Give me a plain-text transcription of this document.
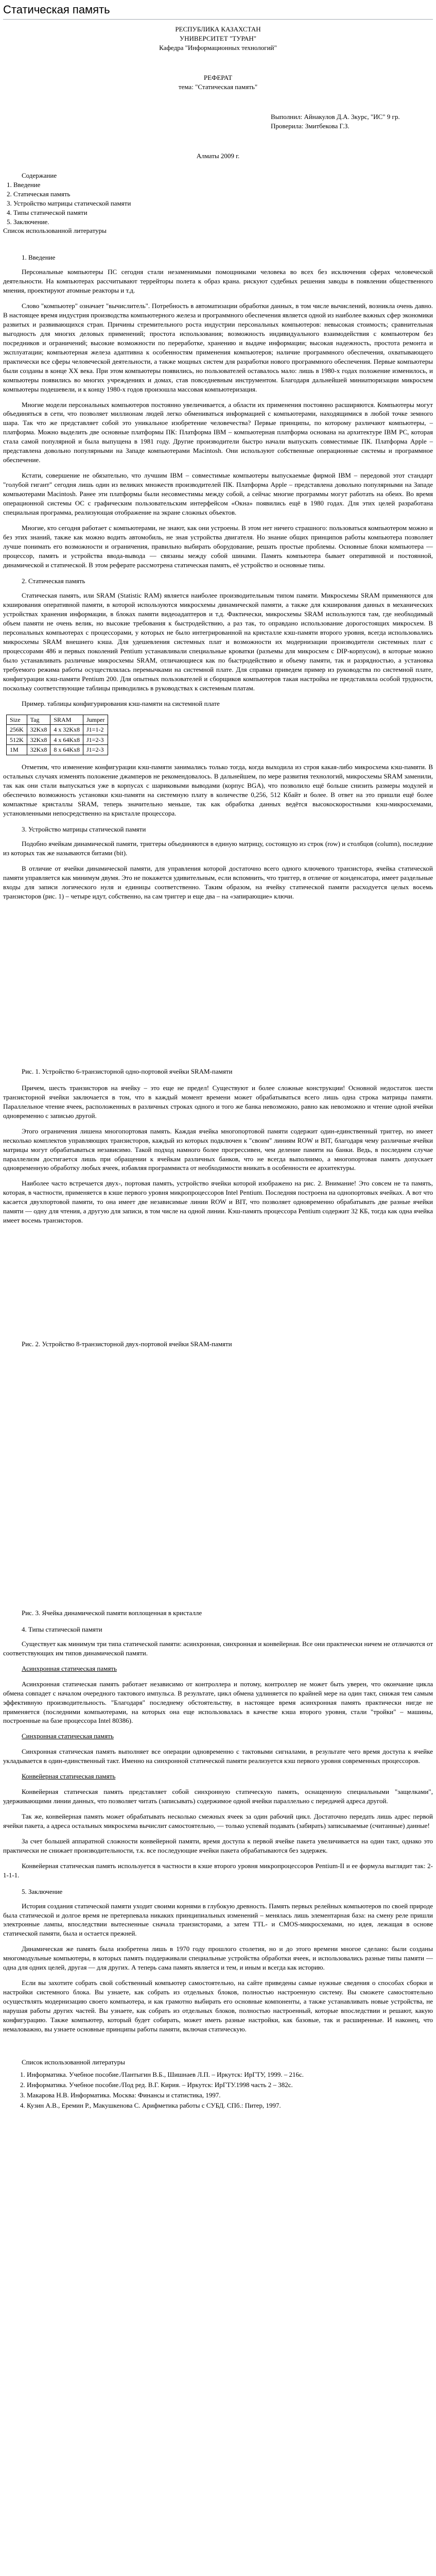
Статическая память
РЕСПУБЛИКА КАЗАХСТАН
УНИВЕРСИТЕТ "ТУРАН"
Кафедра "Информационных технологий"
РЕФЕРАТ
тема: "Статическая память"
Выполнил: Айнакулов Д.А. 3курс, "ИС" 9 гр.
Проверила: Змитбекова Г.З.
Алматы 2009 г.

Содержание

1. Введение
2. Статическая память
3. Устройство матрицы статической памяти
4. Типы статической памяти
5. Заключение.
Список использованной литературы

1. Введение

Персональные компьютеры ПС сегодня стали незаменимыми помощниками человека во всех без исключения сферах человеческой деятельности. На компьютерах рассчитывают террейторы полета к образ крана. рискуют судебных решения заводы в появлении общественного мнения, проектируют атомные реакторы и т.д.

Слово "компьютер" означает "вычислитель". Потребность в автоматизации обработки данных, в том числе вычислений, возникла очень давно. В настоящее время индустрия производства компьютерного железа и программного обеспечения является одной из наиболее важных сфер экономики развитых и развивающихся стран. Причины стремительного роста индустрии персональных компьютеров: невысокая стоимость; сравнительная выгодность для многих деловых применений; простота использования; возможность индивидуального взаимодействия с компьютером без посредников и ограничений; высокие возможности по переработке, хранению и выдаче информации; высокая надежность, простота ремонта и эксплуатации; компьютерная железа адаптивна к особенностям применения компьютеров; наличие программного обеспечения, охватывающего практически все сферы человеческой деятельности, а также мощных систем для разработки нового программного обеспечения. Первые компьютеры были созданы в конце ХХ века. При этом компьютеры появились, но пользователей оставалось мало: лишь в 1980-х годах положение изменилось, и компьютеры появились во многих учреждениях и домах, став повседневным инструментом. Благодаря дальнейшей миниатюризации микросхем компьютеры подешевели, и к концу 1980-х годов произошла массовая компьютеризация.

Многие модели персональных компьютеров постоянно увеличивается, а области их применения постоянно расширяются. Компьютеры могут объединяться в сети, что позволяет миллионам людей легко обмениваться информацией с компьютерами, находящимися в любой точке земного шара. Так что же представляет собой это уникальное изобретение человечества? Первые принципы, по которому различают компьютеры, – платформа. Можно выделить две основные платформы ПК: Платформа IBM – компьютерная платформа основана на архитектуре IBM PC, которая стала самой популярной и была выпущена в 1981 году. Другие производители быстро начали выпускать совместимые ПК. Платформа Apple – представлена довольно популярными на Западе компьютерами Macintosh. Они используют собственные операционные системы и программное обеспечение.

Кстати, совершение не обязательно, что лучшим IBM – совместимые компьютеры выпускаемые фирмой IBM – передовой этот стандарт "голубой гигант" сегодня лишь один из великих множеств производителей ПК. Платформа Apple – представлена довольно популярными на Западе компьютерами Macintosh. Ранее эти платформы были несовместимы между собой, а сейчас многие программы могут работать на обеих. Во время операционной системы ОС с графическим пользовательским интерфейсом «Окна» появились ещё в 1980 годах. Для этих целей разработана специальная программа, реализующая отображение на экране сложных объектов.

Многие, кто сегодня работает с компьютерами, не знают, как они устроены. В этом нет ничего страшного: пользоваться компьютером можно и без этих знаний, также как можно водить автомобиль, не зная устройства двигателя. Но знание общих принципов работы компьютера позволяет лучше понимать его возможности и ограничения, правильно выбирать оборудование, решать простые проблемы. Основные блоки компьютера — процессор, память и устройства ввода-вывода — связаны между собой шинами. Память компьютера бывает оперативной и постоянной, динамической и статической. В этом реферате рассмотрена статическая память, её устройство и основные типы.

2. Статическая память

Статическая память, или SRAM (Statistic RAM) является наиболее производительным типом памяти. Микросхемы SRAM применяются для кэширования оперативной памяти, в которой используются микросхемы динамической памяти, а также для кэширования данных в механических устройствах хранения информации, в блоках памяти видеоадаптеров и т.д. Фактически, микросхемы SRAM используются там, где необходимый объем памяти не очень велик, но высокие требования к быстродействию, а раз так, то оправдано использование дорогостоящих микросхем. В персональных компьютерах с процессорами, у которых не было интегрированной на кристалле кэш-памяти второго уровня, всегда использовались микросхемы SRAM внешнего кэша. Для удешевления системных плат и возможности их модернизации производители системных плат с процессорами 486 и первых поколений Pentium устанавливали специальные кроватки (разъемы для микросхем с DIP-корпусом), в которые можно было устанавливать различные микросхемы SRAM, отличающиеся как по быстродействию и объему памяти, так и разрядностью, а установка требуемого режима работы осуществлялась перемычками на системной плате. Для справки приведем пример из руководства по системной плате, конфигурации кэш-памяти Pentium 200. Для опытных пользователей и сборщиков компьютеров такая настройка не представляла особой трудности, поскольку соответствующие таблицы приводились в руководствах к системным платам.

Пример. таблицы конфигурирования кэш-памяти на системной плате

Size	Tag	SRAM	Jumper
256K	32Kx8	4 x 32Kx8	J1=1-2
512K	32Kx8	4 x 64Kx8	J1=2-3
1M	32Kx8	8 x 64Kx8	J1=2-3

Отметим, что изменение конфигурации кэш-памяти занимались только тогда, когда выходила из строя какая-либо микросхема кэш-памяти. В остальных случаях изменять положение джамперов не рекомендовалось. В дальнейшем, по мере развития технологий, микросхемы SRAM заменили, так как они стали выпускаться уже в корпусах с шариковыми выводами (корпус BGA), что позволило ещё больше снизить размеры модулей и обеспечило возможность установки кэш-памяти на системную плату в количестве 0,256, 512 Кбайт и более. В ответ на это пришли ещё более компактные кристаллы SRAM, теперь значительно меньше, так как обработка данных ведётся высокоскоростными кэш-микросхемами, установленными непосредственно на кристалле процессора.

3. Устройство матрицы статической памяти

Подобно ячейкам динамической памяти, триггеры объединяются в единую матрицу, состоящую из строк (row) и столбцов (column), последние из которых так же называются битами (bit).

В отличие от ячейки динамической памяти, для управления которой достаточно всего одного ключевого транзистора, ячейка статической памяти управляется как минимум двумя. Это не покажется удивительным, если вспомнить, что триггер, в отличие от конденсатора, имеет раздельные входы для записи логического нуля и единицы соответственно. Таким образом, на ячейку статической памяти расходуется целых восемь транзисторов (рис. 1) – четыре идут, собственно, на сам триггер и еще два – на «запирающие» ключи.

Рис. 1. Устройство 6-транзисторной одно-портовой ячейки SRAM-памяти

Причем, шесть транзисторов на ячейку – это еще не предел! Существуют и более сложные конструкции! Основной недостаток шести транзисторной ячейки заключается в том, что в каждый момент времени может обрабатываться всего лишь одна строка матрицы памяти. Параллельное чтение ячеек, расположенных в различных строках одного и того же банка невозможно, равно как невозможно и чтение одной ячейки одновременно с записью другой.

Этого ограничения лишена многопортовая память. Каждая ячейка многопортовой памяти содержит один-единственный триггер, но имеет несколько комплектов управляющих транзисторов, каждый из которых подключен к "своим" линиям ROW и BIT, благодаря чему различные ячейки матрицы могут обрабатываться независимо. Такой подход намного более прогрессивен, чем деление памяти на банки. Ведь, в последнем случае параллелизм достигается лишь при обращении к ячейкам различных банков, что не всегда выполнимо, а многопортовая память допускает одновременную обработку любых ячеек, избавляя программиста от необходимости вникать в особенности ее архитектуры.

Наиболее часто встречается двух-, портовая память, устройство ячейки которой изображено на рис. 2. Внимание! Это совсем не та память, которая, в частности, применяется в кэше первого уровня микропроцессоров Intel Pentium. Последняя построена на однопортовых ячейках. А вот что касается двухпортовой памяти, то она имеет две независимые линии ROW и BIT, что позволяет одновременно обрабатывать две разные ячейки памяти — одну для чтения, а другую для записи, в том числе на одной линии. Кэш-память процессора Pentium содержит 32 КБ, тогда как одна ячейка имеет восемь транзисторов.

Рис. 2. Устройство 8-транзисторной двух-портовой ячейки SRAM-памяти

Рис. 3. Ячейка динамической памяти воплощенная в кристалле

4. Типы статической памяти

Существует как минимум три типа статической памяти: асинхронная, синхронная и конвейерная. Все они практически ничем не отличаются от соответствующих им типов динамической памяти.

Асинхронная статическая память

Асинхронная статическая память работает независимо от контроллера и потому, контроллер не может быть уверен, что окончание цикла обмена совпадет с началом очередного тактового импульса. В результате, цикл обмена удлиняется по крайней мере на один такт, снижая тем самым эффективную производительность. "Благодаря" последнему обстоятельству, в настоящее время асинхронная память практически нигде не применяется (последними компьютерами, на которых она еще использовалась в качестве кэша второго уровня, стали "тройки" – машины, построенные на базе процессора Intel 80386).

Синхронная статическая память

Синхронная статическая память выполняет все операции одновременно с тактовыми сигналами, в результате чего время доступа к ячейке укладывается в один-единственный такт. Именно на синхронной статической памяти реализуется кэш первого уровня современных процессоров.

Конвейерная статическая память

Конвейерная статическая память представляет собой синхронную статическую память, оснащенную специальными "защелками", удерживающими линии данных, что позволяет читать (записывать) содержимое одной ячейки параллельно с передачей адреса другой.

Так же, конвейерная память может обрабатывать несколько смежных ячеек за один рабочий цикл. Достаточно передать лишь адрес первой ячейки пакета, а адреса остальных микросхема вычислит самостоятельно, — только успевай подавать (забирать) записываемые (считанные) данные!

За счет большей аппаратной сложности конвейерной памяти, время доступа к первой ячейке пакета увеличивается на один такт, однако это практически не снижает производительности, т.к. все последующие ячейки пакета обрабатываются без задержек.

Конвейерная статическая память используется в частности в кэше второго уровня микропроцессоров Pentium-II и ее формула выглядит так: 2-1-1-1.

5. Заключение

История создания статической памяти уходит своими корнями в глубокую древность. Память первых релейных компьютеров по своей природе была статической и долгое время не претерпевала никаких принципиальных изменений – менялась лишь элементарная база: на смену реле пришли электронные лампы, впоследствии вытесненные сначала транзисторами, а затем TTL- и CMOS-микросхемами, но идея, лежащая в основе статической памяти, была и остается прежней.

Динамическая же память была изобретена лишь в 1970 году прошлого столетия, но и до этого времени многое сделано: были созданы многомодульные компьютеры, в которых память поддерживали специальные устройства обработки ячеек, и использовались разные типы памяти — одна для одних целей, другая — для других. А теперь сама память является и тем, и иным и всегда как историю.

Если вы захотите собрать свой собственный компьютер самостоятельно, на сайте приведены самые нужные сведения о способах сборки и настройки системного блока. Вы узнаете, как собрать из отдельных блоков, полностью настроенную систему. Вы сможете самостоятельно осуществлять модернизацию своего компьютера, и как грамотно выбирать его основные компоненты, а также устанавливать новые устройства, не нарушая работы других частей. Вы узнаете, как собрать из отдельных блоков, полностью настроенный, которые впоследствии и решают, какую конфигурацию. Также компьютер, который будет собирать, может иметь разные настройки, как базовые, так и расширенные. И наконец, что немаловажно, вы узнаете основные принципы работы памяти, включая статическую.

Список использованной литературы

1. Информатика. Учебное пособие./Пантыгин В.Б., Шишнаев Л.П. – Иркутск: ИрГТУ, 1999. – 216с.
2. Информатика. Учебное пособие./Под ред. В.Г. Кирия. – Иркутск: ИрГТУ.1998 часть 2 – 382с.
3. Макарова Н.В. Информатика. Москва: Финансы и статистика, 1997.
4. Кузин А.В., Еремин Р., Макушкенова С. Арифметика работы с СУБД. СПб.: Питер, 1997.
